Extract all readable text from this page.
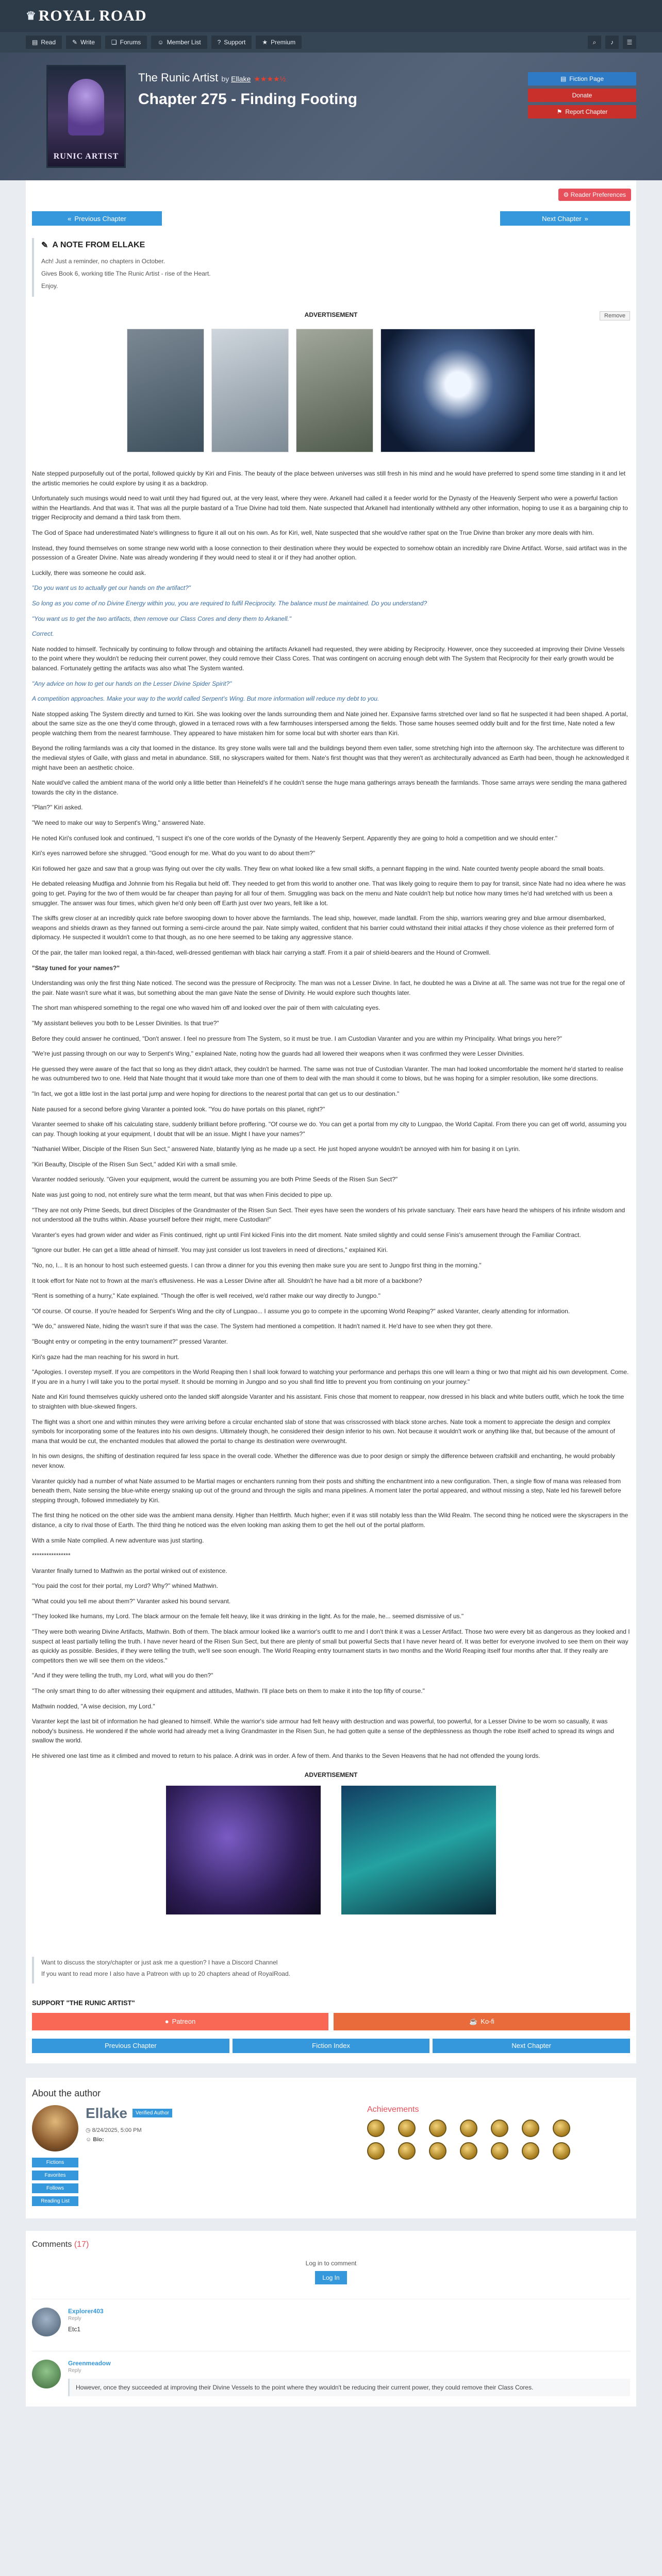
♛ ROYAL ROAD
▤ Read	✎ Write	❑ Forums	☺ Member List	? Support	★ Premium	⌕	♪	☰
RUNIC ARTIST
The Runic Artist by Ellake ★★★★½
Chapter 275 - Finding Footing
▤ Fiction Page
Donate
⚑ Report Chapter
⚙ Reader Preferences
« Previous Chapter	Next Chapter »
✎ A NOTE FROM ELLAKE

Ach! Just a reminder, no chapters in October.

Gives Book 6, working title The Runic Artist - rise of the Heart.

Enjoy.

ADVERTISEMENT	Remove

Nate stepped purposefully out of the portal, followed quickly by Kiri and Finis. The beauty of the place between universes was still fresh in his mind and he would have preferred to spend some time standing in it and let the artistic memories he could explore by using it as a backdrop.

Unfortunately such musings would need to wait until they had figured out, at the very least, where they were. Arkanell had called it a feeder world for the Dynasty of the Heavenly Serpent who were a powerful faction within the Heartlands. And that was it. That was all the purple bastard of a True Divine had told them. Nate suspected that Arkanell had intentionally withheld any other information, hoping to use it as a bargaining chip to trigger Reciprocity and demand a third task from them.

The God of Space had underestimated Nate's willingness to figure it all out on his own. As for Kiri, well, Nate suspected that she would've rather spat on the True Divine than broker any more deals with him.

Instead, they found themselves on some strange new world with a loose connection to their destination where they would be expected to somehow obtain an incredibly rare Divine Artifact. Worse, said artifact was in the possession of a Greater Divine. Nate was already wondering if they would need to steal it or if they had another option.

Luckily, there was someone he could ask.

"Do you want us to actually get our hands on the artifact?"

So long as you come of no Divine Energy within you, you are required to fulfil Reciprocity. The balance must be maintained. Do you understand?

"You want us to get the two artifacts, then remove our Class Cores and deny them to Arkanell."

Correct.

Nate nodded to himself. Technically by continuing to follow through and obtaining the artifacts Arkanell had requested, they were abiding by Reciprocity. However, once they succeeded at improving their Divine Vessels to the point where they wouldn't be reducing their current power, they could remove their Class Cores. That was contingent on accruing enough debt with The System that Reciprocity for their early growth would be balanced. Fortunately getting the artifacts was also what The System wanted.

"Any advice on how to get our hands on the Lesser Divine Spider Spirit?"

A competition approaches. Make your way to the world called Serpent's Wing. But more information will reduce my debt to you.

Nate stopped asking The System directly and turned to Kiri. She was looking over the lands surrounding them and Nate joined her. Expansive farms stretched over land so flat he suspected it had been shaped. A portal, about the same size as the one they'd come through, glowed in a terraced rows with a few farmhouses interspersed among the fields. Those same houses seemed oddly built and for the first time, Nate noted a few people watching them from the nearest farmhouse. They appeared to have mistaken him for some local but with shorter ears than Kiri.

Beyond the rolling farmlands was a city that loomed in the distance. Its grey stone walls were tall and the buildings beyond them even taller, some stretching high into the afternoon sky. The architecture was different to the medieval styles of Galle, with glass and metal in abundance. Still, no skyscrapers waited for them. Nate's first thought was that they weren't as architecturally advanced as Earth had been, though he acknowledged it might have been an aesthetic choice.

Nate would've called the ambient mana of the world only a little better than Heinefeld's if he couldn't sense the huge mana gatherings arrays beneath the farmlands. Those same arrays were sending the mana gathered towards the city in the distance.

"Plan?" Kiri asked.

"We need to make our way to Serpent's Wing," answered Nate.

He noted Kiri's confused look and continued, "I suspect it's one of the core worlds of the Dynasty of the Heavenly Serpent. Apparently they are going to hold a competition and we should enter."

Kiri's eyes narrowed before she shrugged. "Good enough for me. What do you want to do about them?"

Kiri followed her gaze and saw that a group was flying out over the city walls. They flew on what looked like a few small skiffs, a pennant flapping in the wind. Nate counted twenty people aboard the small boats.

He debated releasing Mudfiga and Johnnie from his Regalia but held off. They needed to get from this world to another one. That was likely going to require them to pay for transit, since Nate had no idea where he was going to get. Paying for the two of them would be far cheaper than paying for all four of them. Smuggling was back on the menu and Nate couldn't help but notice how many times he'd had wretched with us been a smuggler. The answer was four times, which given he'd only been off Earth just over two years, felt like a lot.

The skiffs grew closer at an incredibly quick rate before swooping down to hover above the farmlands. The lead ship, however, made landfall. From the ship, warriors wearing grey and blue armour disembarked, weapons and shields drawn as they fanned out forming a semi-circle around the pair. Nate simply waited, confident that his barrier could withstand their initial attacks if they chose violence as their preferred form of diplomacy. He suspected it wouldn't come to that though, as no one here seemed to be taking any aggressive stance.

Of the pair, the taller man looked regal, a thin-faced, well-dressed gentleman with black hair carrying a staff. From it a pair of shield-bearers and the Hound of Cromwell.

"Stay tuned for your names?"

Understanding was only the first thing Nate noticed. The second was the pressure of Reciprocity. The man was not a Lesser Divine. In fact, he doubted he was a Divine at all. The same was not true for the regal one of the pair. Nate wasn't sure what it was, but something about the man gave Nate the sense of Divinity. He would explore such thoughts later.

The short man whispered something to the regal one who waved him off and looked over the pair of them with calculating eyes.

"My assistant believes you both to be Lesser Divinities. Is that true?"

Before they could answer he continued, "Don't answer. I feel no pressure from The System, so it must be true. I am Custodian Varanter and you are within my Principality. What brings you here?"

"We're just passing through on our way to Serpent's Wing," explained Nate, noting how the guards had all lowered their weapons when it was confirmed they were Lesser Divinities.

He guessed they were aware of the fact that so long as they didn't attack, they couldn't be harmed. The same was not true of Custodian Varanter. The man had looked uncomfortable the moment he'd started to realise he was outnumbered two to one. Held that Nate thought that it would take more than one of them to deal with the man should it come to blows, but he was hoping for a simpler resolution, like some directions.

"In fact, we got a little lost in the last portal jump and were hoping for directions to the nearest portal that can get us to our destination."

Nate paused for a second before giving Varanter a pointed look. "You do have portals on this planet, right?"

Varanter seemed to shake off his calculating stare, suddenly brilliant before proffering. "Of course we do. You can get a portal from my city to Lungpao, the World Capital. From there you can get off world, assuming you can pay. Though looking at your equipment, I doubt that will be an issue. Might I have your names?"

"Nathaniel Wilber, Disciple of the Risen Sun Sect," answered Nate, blatantly lying as he made up a sect. He just hoped anyone wouldn't be annoyed with him for basing it on Lyrin.

"Kiri Beaufty, Disciple of the Risen Sun Sect," added Kiri with a small smile.

Varanter nodded seriously. "Given your equipment, would the current be assuming you are both Prime Seeds of the Risen Sun Sect?"

Nate was just going to nod, not entirely sure what the term meant, but that was when Finis decided to pipe up.

"They are not only Prime Seeds, but direct Disciples of the Grandmaster of the Risen Sun Sect. Their eyes have seen the wonders of his private sanctuary. Their ears have heard the whispers of his infinite wisdom and not understood all the truths within. Abase yourself before their might, mere Custodian!"

Varanter's eyes had grown wider and wider as Finis continued, right up until Finl kicked Finis into the dirt moment. Nate smiled slightly and could sense Finis's amusement through the Familiar Contract.

"Ignore our butler. He can get a little ahead of himself. You may just consider us lost travelers in need of directions," explained Kiri.

"No, no, I... It is an honour to host such esteemed guests. I can throw a dinner for you this evening then make sure you are sent to Jungpo first thing in the morning."

It took effort for Nate not to frown at the man's effusiveness. He was a Lesser Divine after all. Shouldn't he have had a bit more of a backbone?

"Rent is something of a hurry," Kate explained. "Though the offer is well received, we'd rather make our way directly to Jungpo."

"Of course. Of course. If you're headed for Serpent's Wing and the city of Lungpao... I assume you go to compete in the upcoming World Reaping?" asked Varanter, clearly attending for information.

"We do," answered Nate, hiding the wasn't sure if that was the case. The System had mentioned a competition. It hadn't named it. He'd have to see when they got there.

"Bought entry or competing in the entry tournament?" pressed Varanter.

Kiri's gaze had the man reaching for his sword in hurt.

"Apologies. I overstep myself. If you are competitors in the World Reaping then I shall look forward to watching your performance and perhaps this one will learn a thing or two that might aid his own development. Come. If you are in a hurry I will take you to the portal myself. It should be morning in Jungpo and so you shall find little to prevent you from continuing on your journey."

Nate and Kiri found themselves quickly ushered onto the landed skiff alongside Varanter and his assistant. Finis chose that moment to reappear, now dressed in his black and white butlers outfit, which he took the time to straighten with blue-skewed fingers.

The flight was a short one and within minutes they were arriving before a circular enchanted slab of stone that was crisscrossed with black stone arches. Nate took a moment to appreciate the design and complex symbols for incorporating some of the features into his own designs. Ultimately though, he considered their design inferior to his own. Not because it wouldn't work or anything like that, but because of the amount of mana that would be cut, the enchanted modules that allowed the portal to change its destination were overwrought.

In his own designs, the shifting of destination required far less space in the overall code. Whether the difference was due to poor design or simply the difference between craftskill and enchanting, he would probably never know.

Varanter quickly had a number of what Nate assumed to be Martial mages or enchanters running from their posts and shifting the enchantment into a new configuration. Then, a single flow of mana was released from beneath them, Nate sensing the blue-white energy snaking up out of the ground and through the sigils and mana pipelines. A moment later the portal appeared, and without missing a step, Nate led his farewell before stepping through, followed immediately by Kiri.

The first thing he noticed on the other side was the ambient mana density. Higher than Heltfirth. Much higher; even if it was still notably less than the Wild Realm. The second thing he noticed were the skyscrapers in the distance, a city to rival those of Earth. The third thing he noticed was the elven looking man asking them to get the hell out of the portal platform.

With a smile Nate complied. A new adventure was just starting.

****************

Varanter finally turned to Mathwin as the portal winked out of existence.

"You paid the cost for their portal, my Lord? Why?" whined Mathwin.

"What could you tell me about them?" Varanter asked his bound servant.

"They looked like humans, my Lord. The black armour on the female felt heavy, like it was drinking in the light. As for the male, he... seemed dismissive of us."

"They were both wearing Divine Artifacts, Mathwin. Both of them. The black armour looked like a warrior's outfit to me and I don't think it was a Lesser Artifact. Those two were every bit as dangerous as they looked and I suspect at least partially telling the truth. I have never heard of the Risen Sun Sect, but there are plenty of small but powerful Sects that I have never heard of. It was better for everyone involved to see them on their way as quickly as possible. Besides, if they were telling the truth, we'll see soon enough. The World Reaping entry tournament starts in two months and the World Reaping itself four months after that. If they really are competitors then we will see them on the videos."

"And if they were telling the truth, my Lord, what will you do then?"

"The only smart thing to do after witnessing their equipment and attitudes, Mathwin. I'll place bets on them to make it into the top fifty of course."

Mathwin nodded, "A wise decision, my Lord."

Varanter kept the last bit of information he had gleaned to himself. While the warrior's side armour had felt heavy with destruction and was powerful, too powerful, for a Lesser Divine to be worn so casually, it was nobody's business. He wondered if the whole world had already met a living Grandmaster in the Risen Sun, he had gotten quite a sense of the depthlessness as though the robe itself ached to spread its wings and swallow the world.

He shivered one last time as it climbed and moved to return to his palace. A drink was in order. A few of them. And thanks to the Seven Heavens that he had not offended the young lords.

ADVERTISEMENT

Want to discuss the story/chapter or just ask me a question? I have a Discord Channel

If you want to read more I also have a Patreon with up to 20 chapters ahead of RoyalRoad.

SUPPORT "THE RUNIC ARTIST"
● Patreon	☕ Ko-fi
Previous Chapter	Fiction Index	Next Chapter
About the author
Fictions
Favorites
Follows
Reading List
Ellake	Verified Author
◷ 8/24/2025, 5:00 PM
☺ Bio:
Achievements
Comments (17)
Log in to comment
Log In
Explorer403
Reply
Etc1
Greenmeadow
Reply
However, once they succeeded at improving their Divine Vessels to the point where they wouldn't be reducing their current power, they could remove their Class Cores.
